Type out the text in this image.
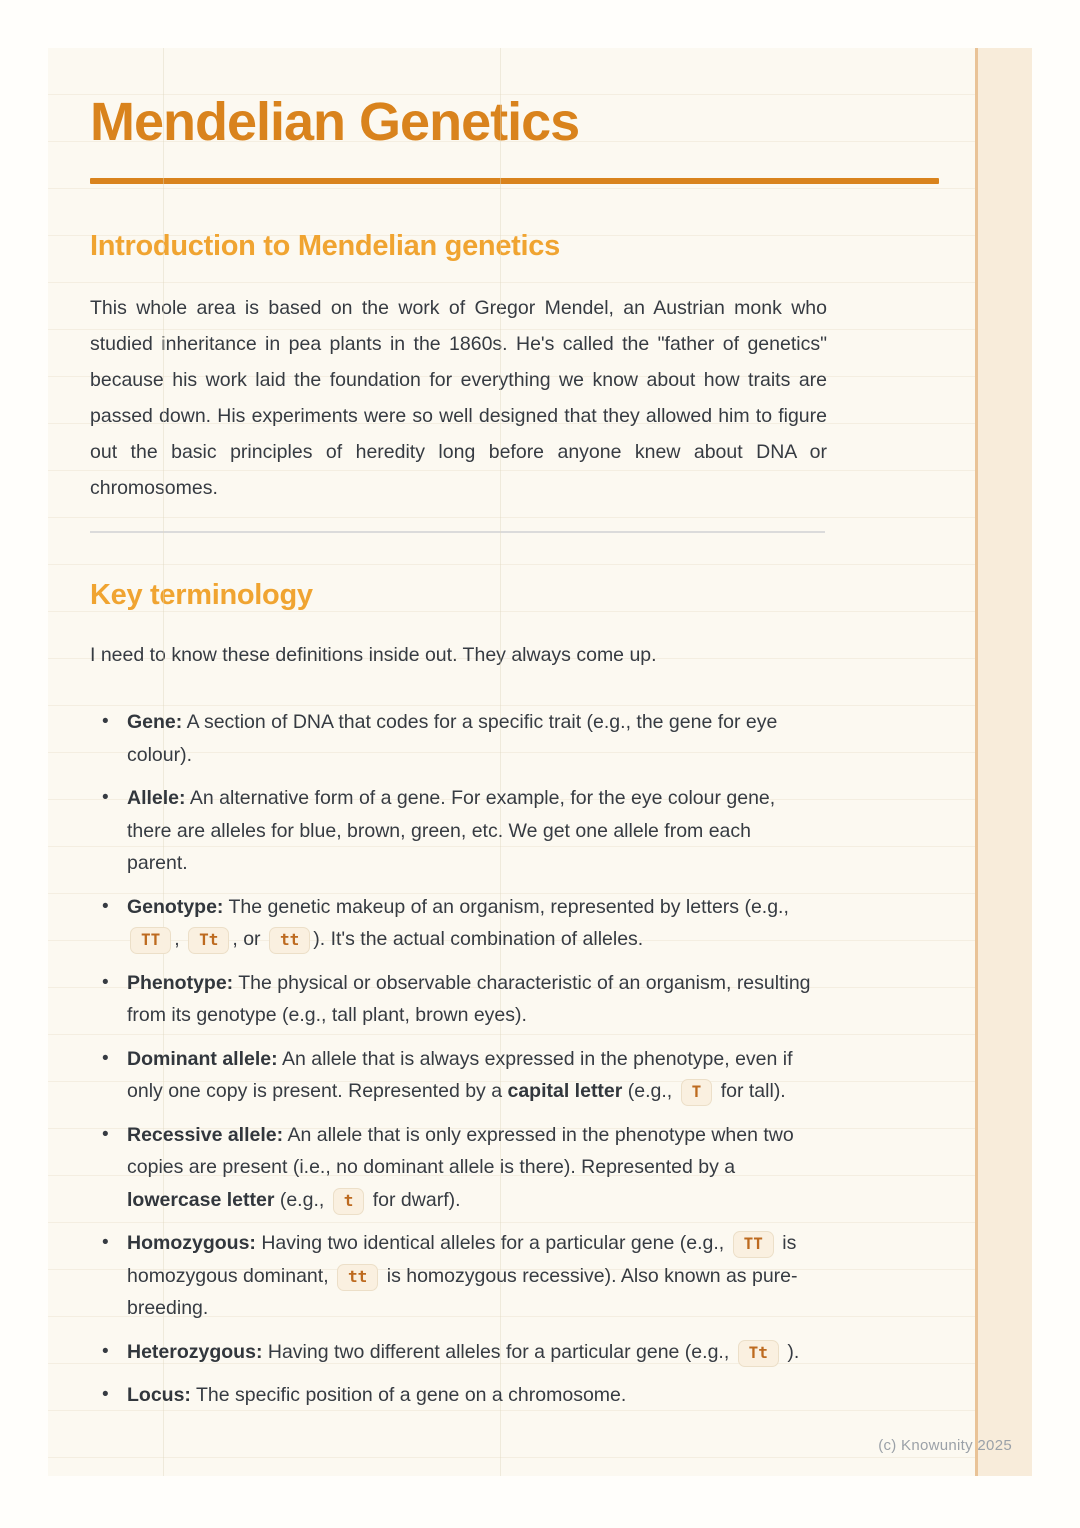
Mendelian Genetics
Introduction to Mendelian genetics

This whole area is based on the work of Gregor Mendel, an Austrian monk who studied inheritance in pea plants in the 1860s. He's called the "father of genetics" because his work laid the foundation for everything we know about how traits are passed down. His experiments were so well designed that they allowed him to figure out the basic principles of heredity long before anyone knew about DNA or chromosomes.

Key terminology

I need to know these definitions inside out. They always come up.

• Gene: A section of DNA that codes for a specific trait (e.g., the gene for eye colour).
• Allele: An alternative form of a gene. For example, for the eye colour gene, there are alleles for blue, brown, green, etc. We get one allele from each parent.
• Genotype: The genetic makeup of an organism, represented by letters (e.g., TT , Tt , or tt ). It's the actual combination of alleles.
• Phenotype: The physical or observable characteristic of an organism, resulting from its genotype (e.g., tall plant, brown eyes).
• Dominant allele: An allele that is always expressed in the phenotype, even if only one copy is present. Represented by a capital letter (e.g., T for tall).
• Recessive allele: An allele that is only expressed in the phenotype when two copies are present (i.e., no dominant allele is there). Represented by a lowercase letter (e.g., t for dwarf).
• Homozygous: Having two identical alleles for a particular gene (e.g., TT is homozygous dominant, tt is homozygous recessive). Also known as pure-breeding.
• Heterozygous: Having two different alleles for a particular gene (e.g., Tt ).
• Locus: The specific position of a gene on a chromosome.
(c) Knowunity 2025
